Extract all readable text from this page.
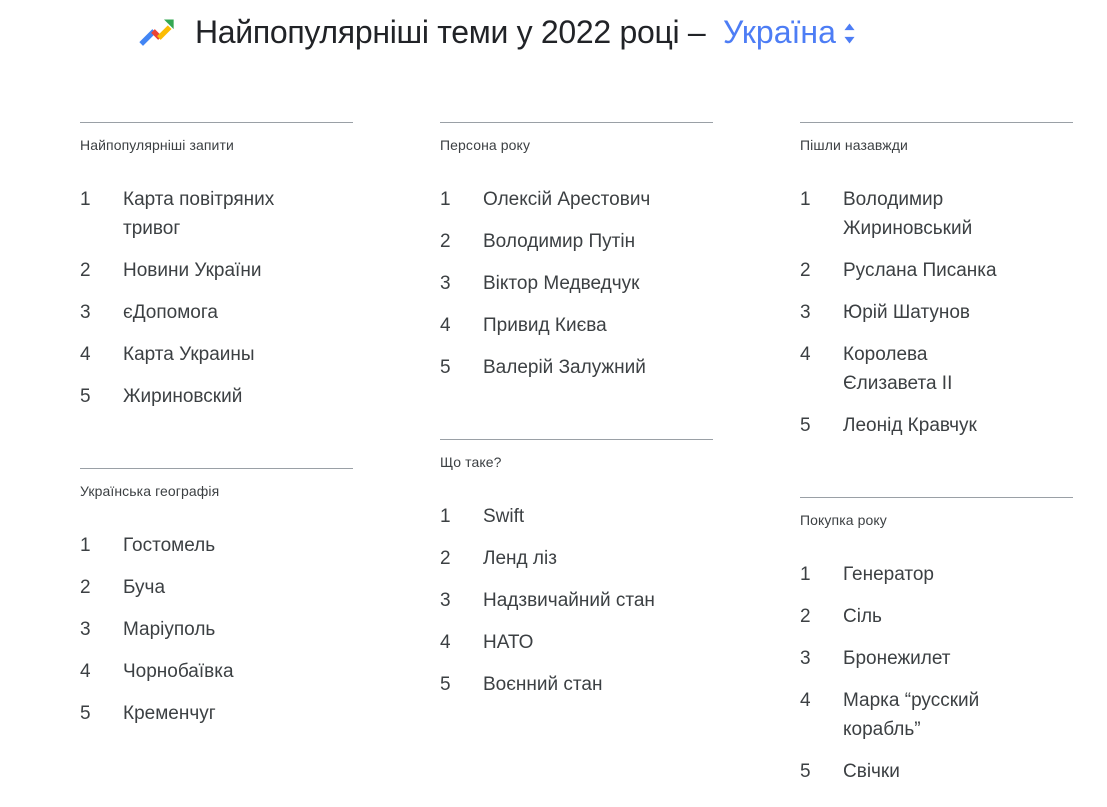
Найпопулярніші теми у 2022 році – Україна
Найпопулярніші запити
1	Карта повітряних тривог
2	Новини України
3	єДопомога
4	Карта Украины
5	Жириновский
Українська географія
1	Гостомель
2	Буча
3	Маріуполь
4	Чорнобаївка
5	Кременчуг
Персона року
1	Олексій Арестович
2	Володимир Путін
3	Віктор Медведчук
4	Привид Києва
5	Валерій Залужний
Що таке?
1	Swift
2	Ленд ліз
3	Надзвичайний стан
4	НАТО
5	Воєнний стан
Пішли назавжди
1	Володимир Жириновський
2	Руслана Писанка
3	Юрій Шатунов
4	Королева Єлизавета II
5	Леонід Кравчук
Покупка року
1	Генератор
2	Сіль
3	Бронежилет
4	Марка “русский корабль”
5	Свічки
